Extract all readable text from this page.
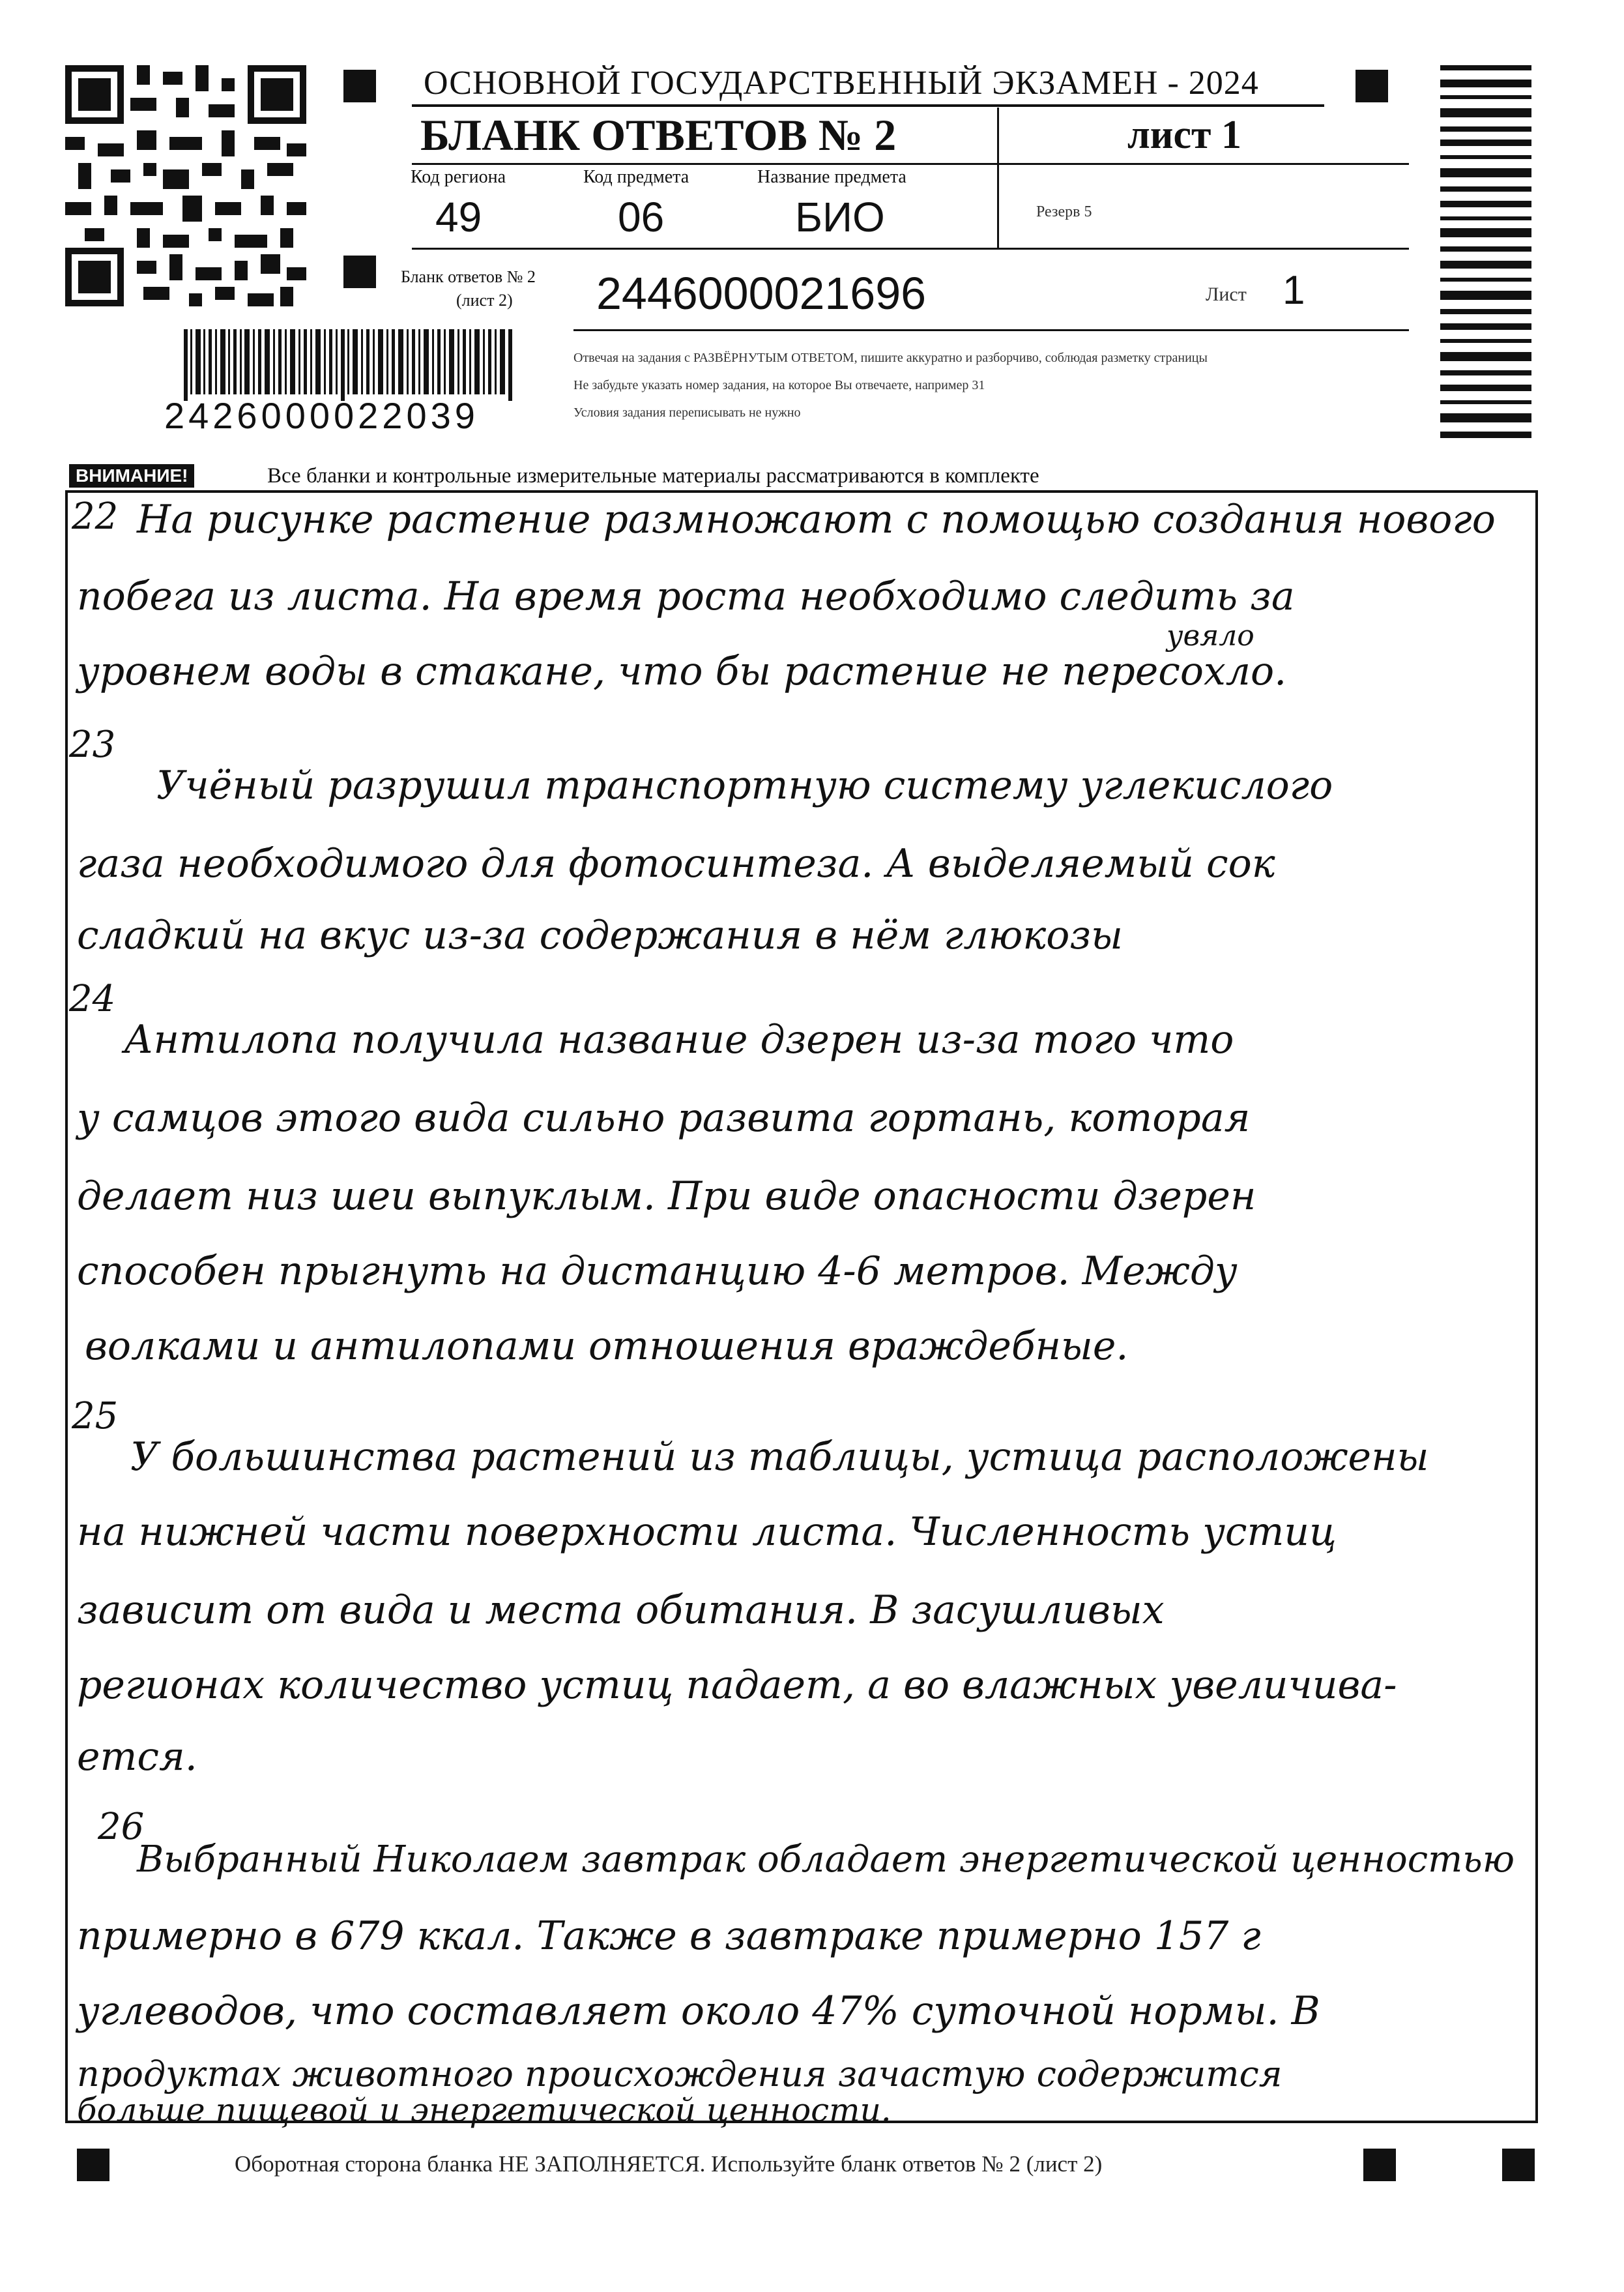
ОСНОВНОЙ ГОСУДАРСТВЕННЫЙ ЭКЗАМЕН - 2024
БЛАНК ОТВЕТОВ № 2	лист 1
Код региона
49
Код предмета
06
Название предмета
БИО	Резерв 5
Бланк ответов № 2
(лист 2) 2446000021696	Лист 1
Отвечая на задания с РАЗВЁРНУТЫМ ОТВЕТОМ, пишите аккуратно и разборчиво, соблюдая разметку страницы
Не забудьте указать номер задания, на которое Вы отвечаете, например 31
Условия задания переписывать не нужно
2426000022039
ВНИМАНИЕ!	Все бланки и контрольные измерительные материалы рассматриваются в комплекте
22 На рисунке растение размножают с помощью создания нового
побега из листа. На время роста необходимо следить за
увяло
уровнем воды в стакане, что бы растение не пересохло.
23
Учёный разрушил транспортную систему углекислого
газа необходимого для фотосинтеза. А выделяемый сок
сладкий на вкус из-за содержания в нём глюкозы
24
Антилопа получила название дзерен из-за того что
у самцов этого вида сильно развита гортань, которая
делает низ шеи выпуклым. При виде опасности дзерен
способен прыгнуть на дистанцию 4-6 метров. Между
волками и антилопами отношения враждебные.
25
У большинства растений из таблицы, устица расположены
на нижней части поверхности листа. Численность устиц
зависит от вида и места обитания. В засушливых
регионах количество устиц падает, а во влажных увеличива-
ется.
26
Выбранный Николаем завтрак обладает энергетической ценностью
примерно в 679 ккал. Также в завтраке примерно 157 г
углеводов, что составляет около 47% суточной нормы. В
продуктах животного происхождения зачастую содержится
больше пищевой и энергетической ценности.
Оборотная сторона бланка НЕ ЗАПОЛНЯЕТСЯ. Используйте бланк ответов № 2 (лист 2)
